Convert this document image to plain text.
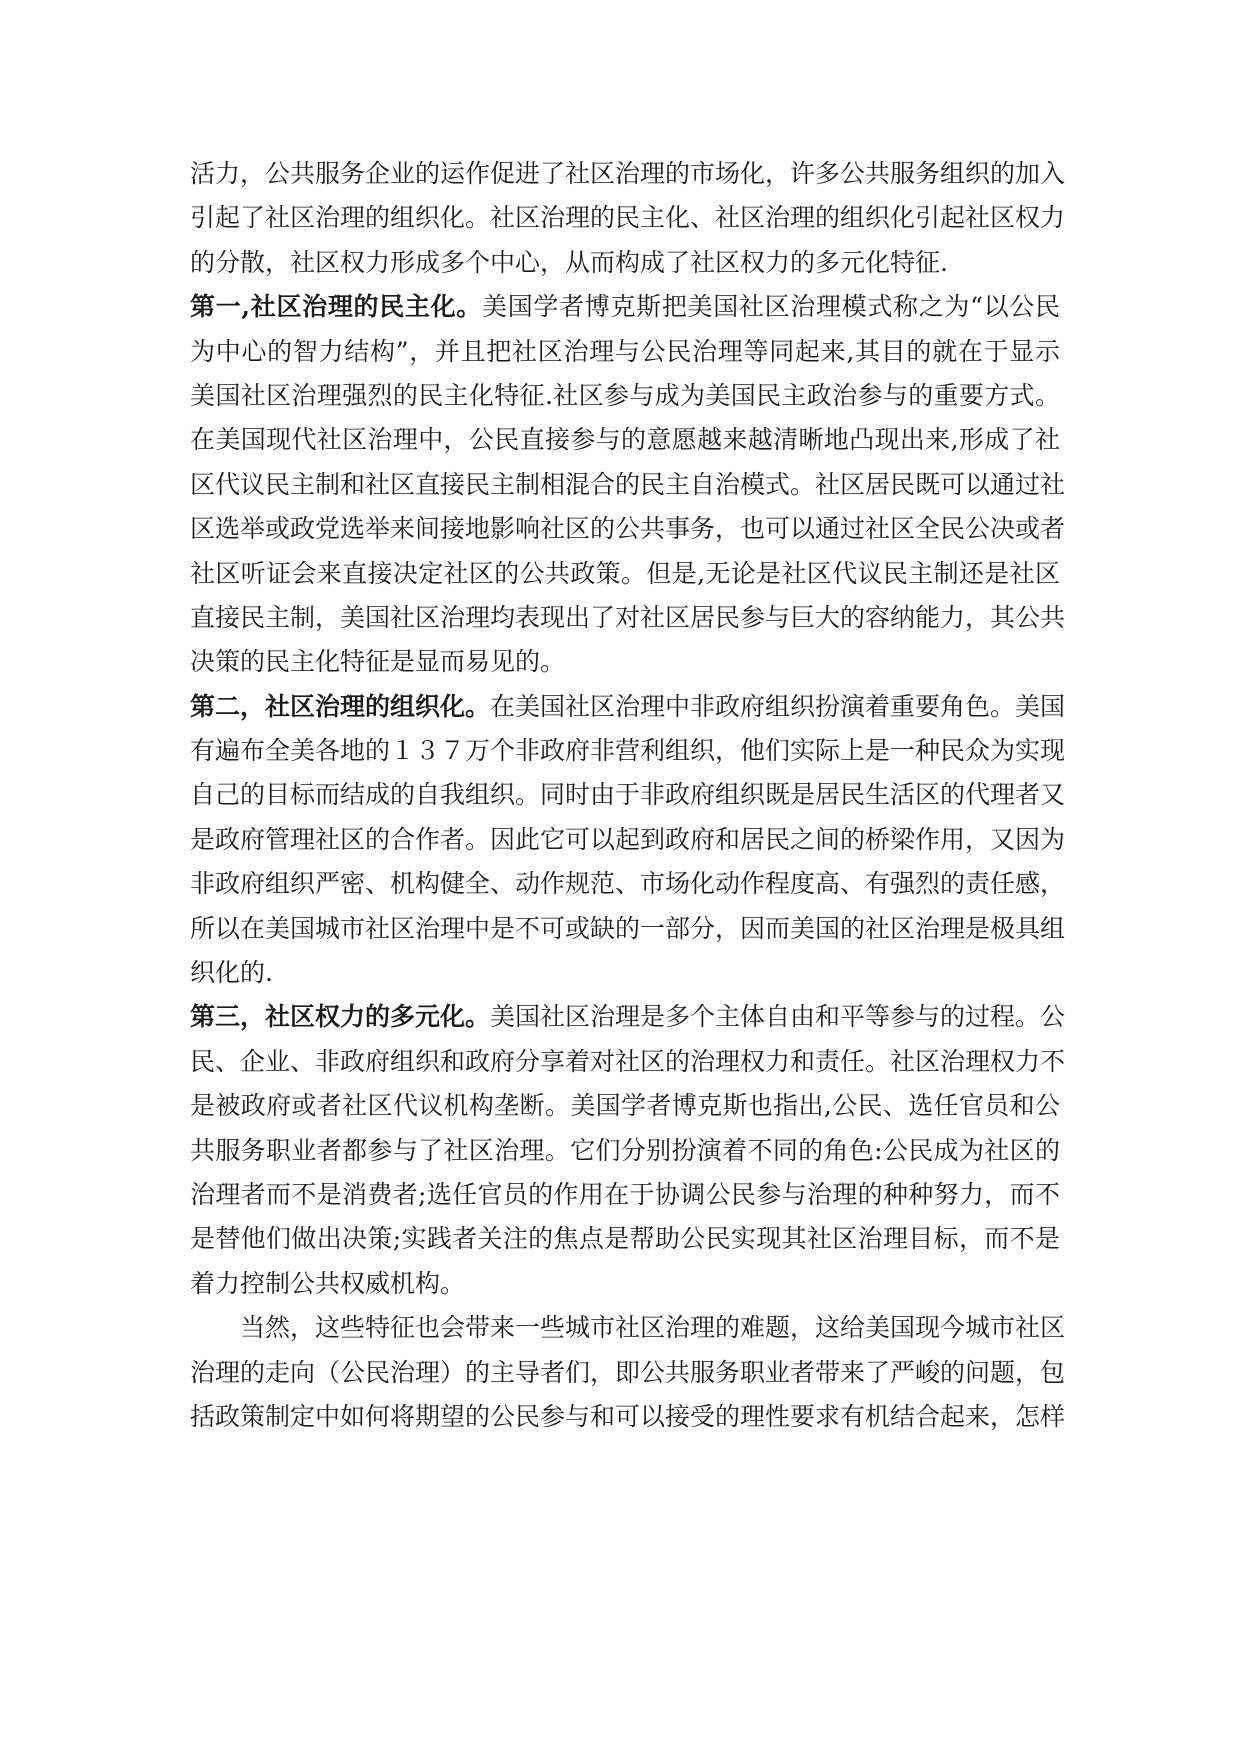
活力，公共服务企业的运作促进了社区治理的市场化，许多公共服务组织的加入
引起了社区治理的组织化。社区治理的民主化、社区治理的组织化引起社区权力
的分散，社区权力形成多个中心，从而构成了社区权力的多元化特征.
第一,社区治理的民主化。美国学者博克斯把美国社区治理模式称之为“以公民
为中心的智力结构”，并且把社区治理与公民治理等同起来,其目的就在于显示
美国社区治理强烈的民主化特征.社区参与成为美国民主政治参与的重要方式。
在美国现代社区治理中，公民直接参与的意愿越来越清晰地凸现出来,形成了社
区代议民主制和社区直接民主制相混合的民主自治模式。社区居民既可以通过社
区选举或政党选举来间接地影响社区的公共事务，也可以通过社区全民公决或者
社区听证会来直接决定社区的公共政策。但是,无论是社区代议民主制还是社区
直接民主制，美国社区治理均表现出了对社区居民参与巨大的容纳能力，其公共
决策的民主化特征是显而易见的。
第二，社区治理的组织化。在美国社区治理中非政府组织扮演着重要角色。美国
有遍布全美各地的１３７万个非政府非营利组织，他们实际上是一种民众为实现
自己的目标而结成的自我组织。同时由于非政府组织既是居民生活区的代理者又
是政府管理社区的合作者。因此它可以起到政府和居民之间的桥梁作用，又因为
非政府组织严密、机构健全、动作规范、市场化动作程度高、有强烈的责任感，
所以在美国城市社区治理中是不可或缺的一部分，因而美国的社区治理是极具组
织化的.
第三，社区权力的多元化。美国社区治理是多个主体自由和平等参与的过程。公
民、企业、非政府组织和政府分享着对社区的治理权力和责任。社区治理权力不
是被政府或者社区代议机构垄断。美国学者博克斯也指出,公民、选任官员和公
共服务职业者都参与了社区治理。它们分别扮演着不同的角色:公民成为社区的
治理者而不是消费者;选任官员的作用在于协调公民参与治理的种种努力，而不
是替他们做出决策;实践者关注的焦点是帮助公民实现其社区治理目标，而不是
着力控制公共权威机构。
当然，这些特征也会带来一些城市社区治理的难题，这给美国现今城市社区
治理的走向（公民治理）的主导者们，即公共服务职业者带来了严峻的问题，包
括政策制定中如何将期望的公民参与和可以接受的理性要求有机结合起来，怎样
